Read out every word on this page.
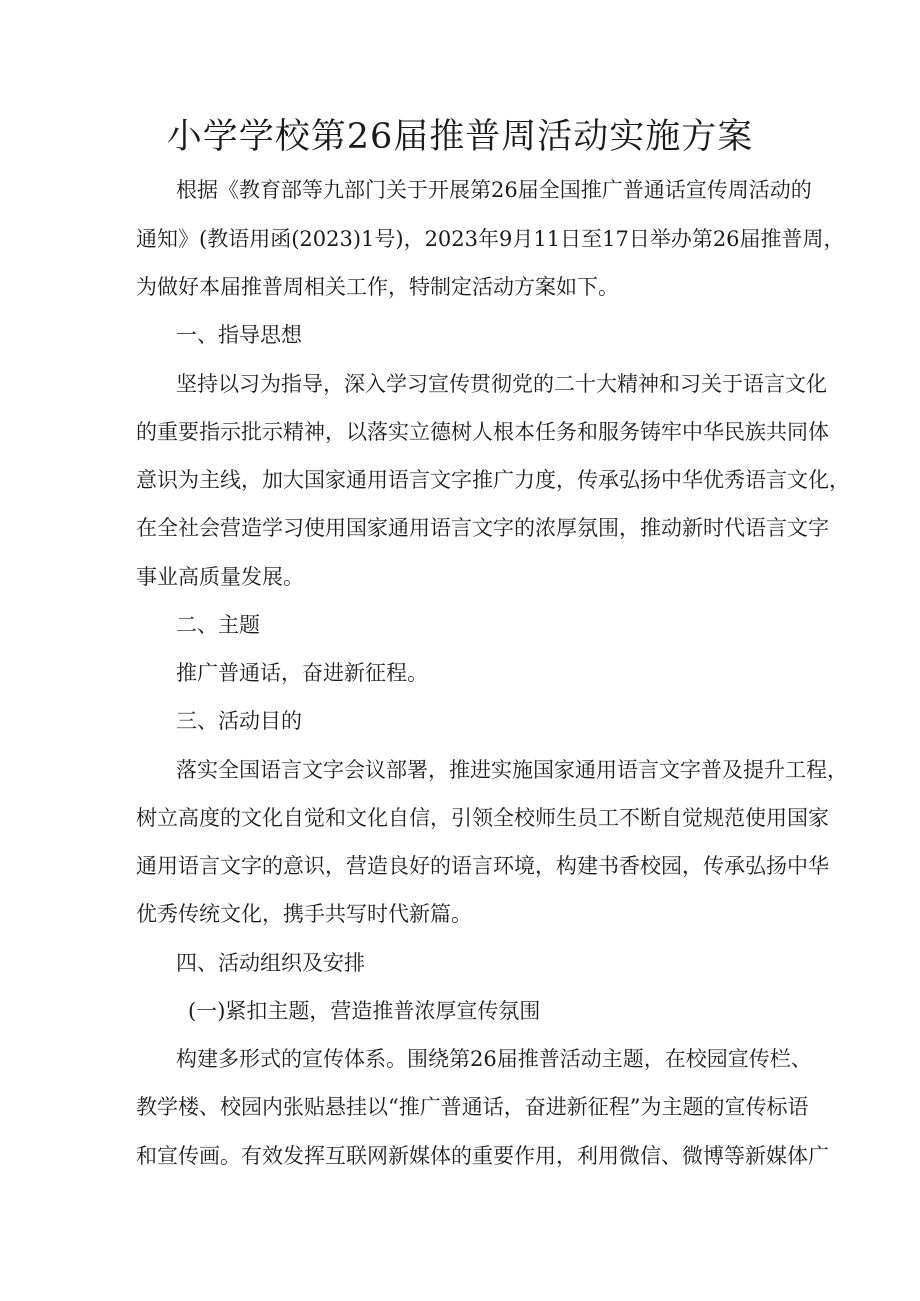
小学学校第26届推普周活动实施方案

根据《教育部等九部门关于开展第26届全国推广普通话宣传周活动的

通知》(教语用函(2023)1号)，2023年9月11日至17日举办第26届推普周，

为做好本届推普周相关工作，特制定活动方案如下。

一、指导思想

坚持以习为指导，深入学习宣传贯彻党的二十大精神和习关于语言文化

的重要指示批示精神，以落实立德树人根本任务和服务铸牢中华民族共同体

意识为主线，加大国家通用语言文字推广力度，传承弘扬中华优秀语言文化，

在全社会营造学习使用国家通用语言文字的浓厚氛围，推动新时代语言文字

事业高质量发展。

二、主题

推广普通话，奋进新征程。

三、活动目的

落实全国语言文字会议部署，推进实施国家通用语言文字普及提升工程，

树立高度的文化自觉和文化自信，引领全校师生员工不断自觉规范使用国家

通用语言文字的意识，营造良好的语言环境，构建书香校园，传承弘扬中华

优秀传统文化，携手共写时代新篇。

四、活动组织及安排

(一)紧扣主题，营造推普浓厚宣传氛围

构建多形式的宣传体系。围绕第26届推普活动主题，在校园宣传栏、

教学楼、校园内张贴悬挂以“推广普通话，奋进新征程”为主题的宣传标语

和宣传画。有效发挥互联网新媒体的重要作用，利用微信、微博等新媒体广
